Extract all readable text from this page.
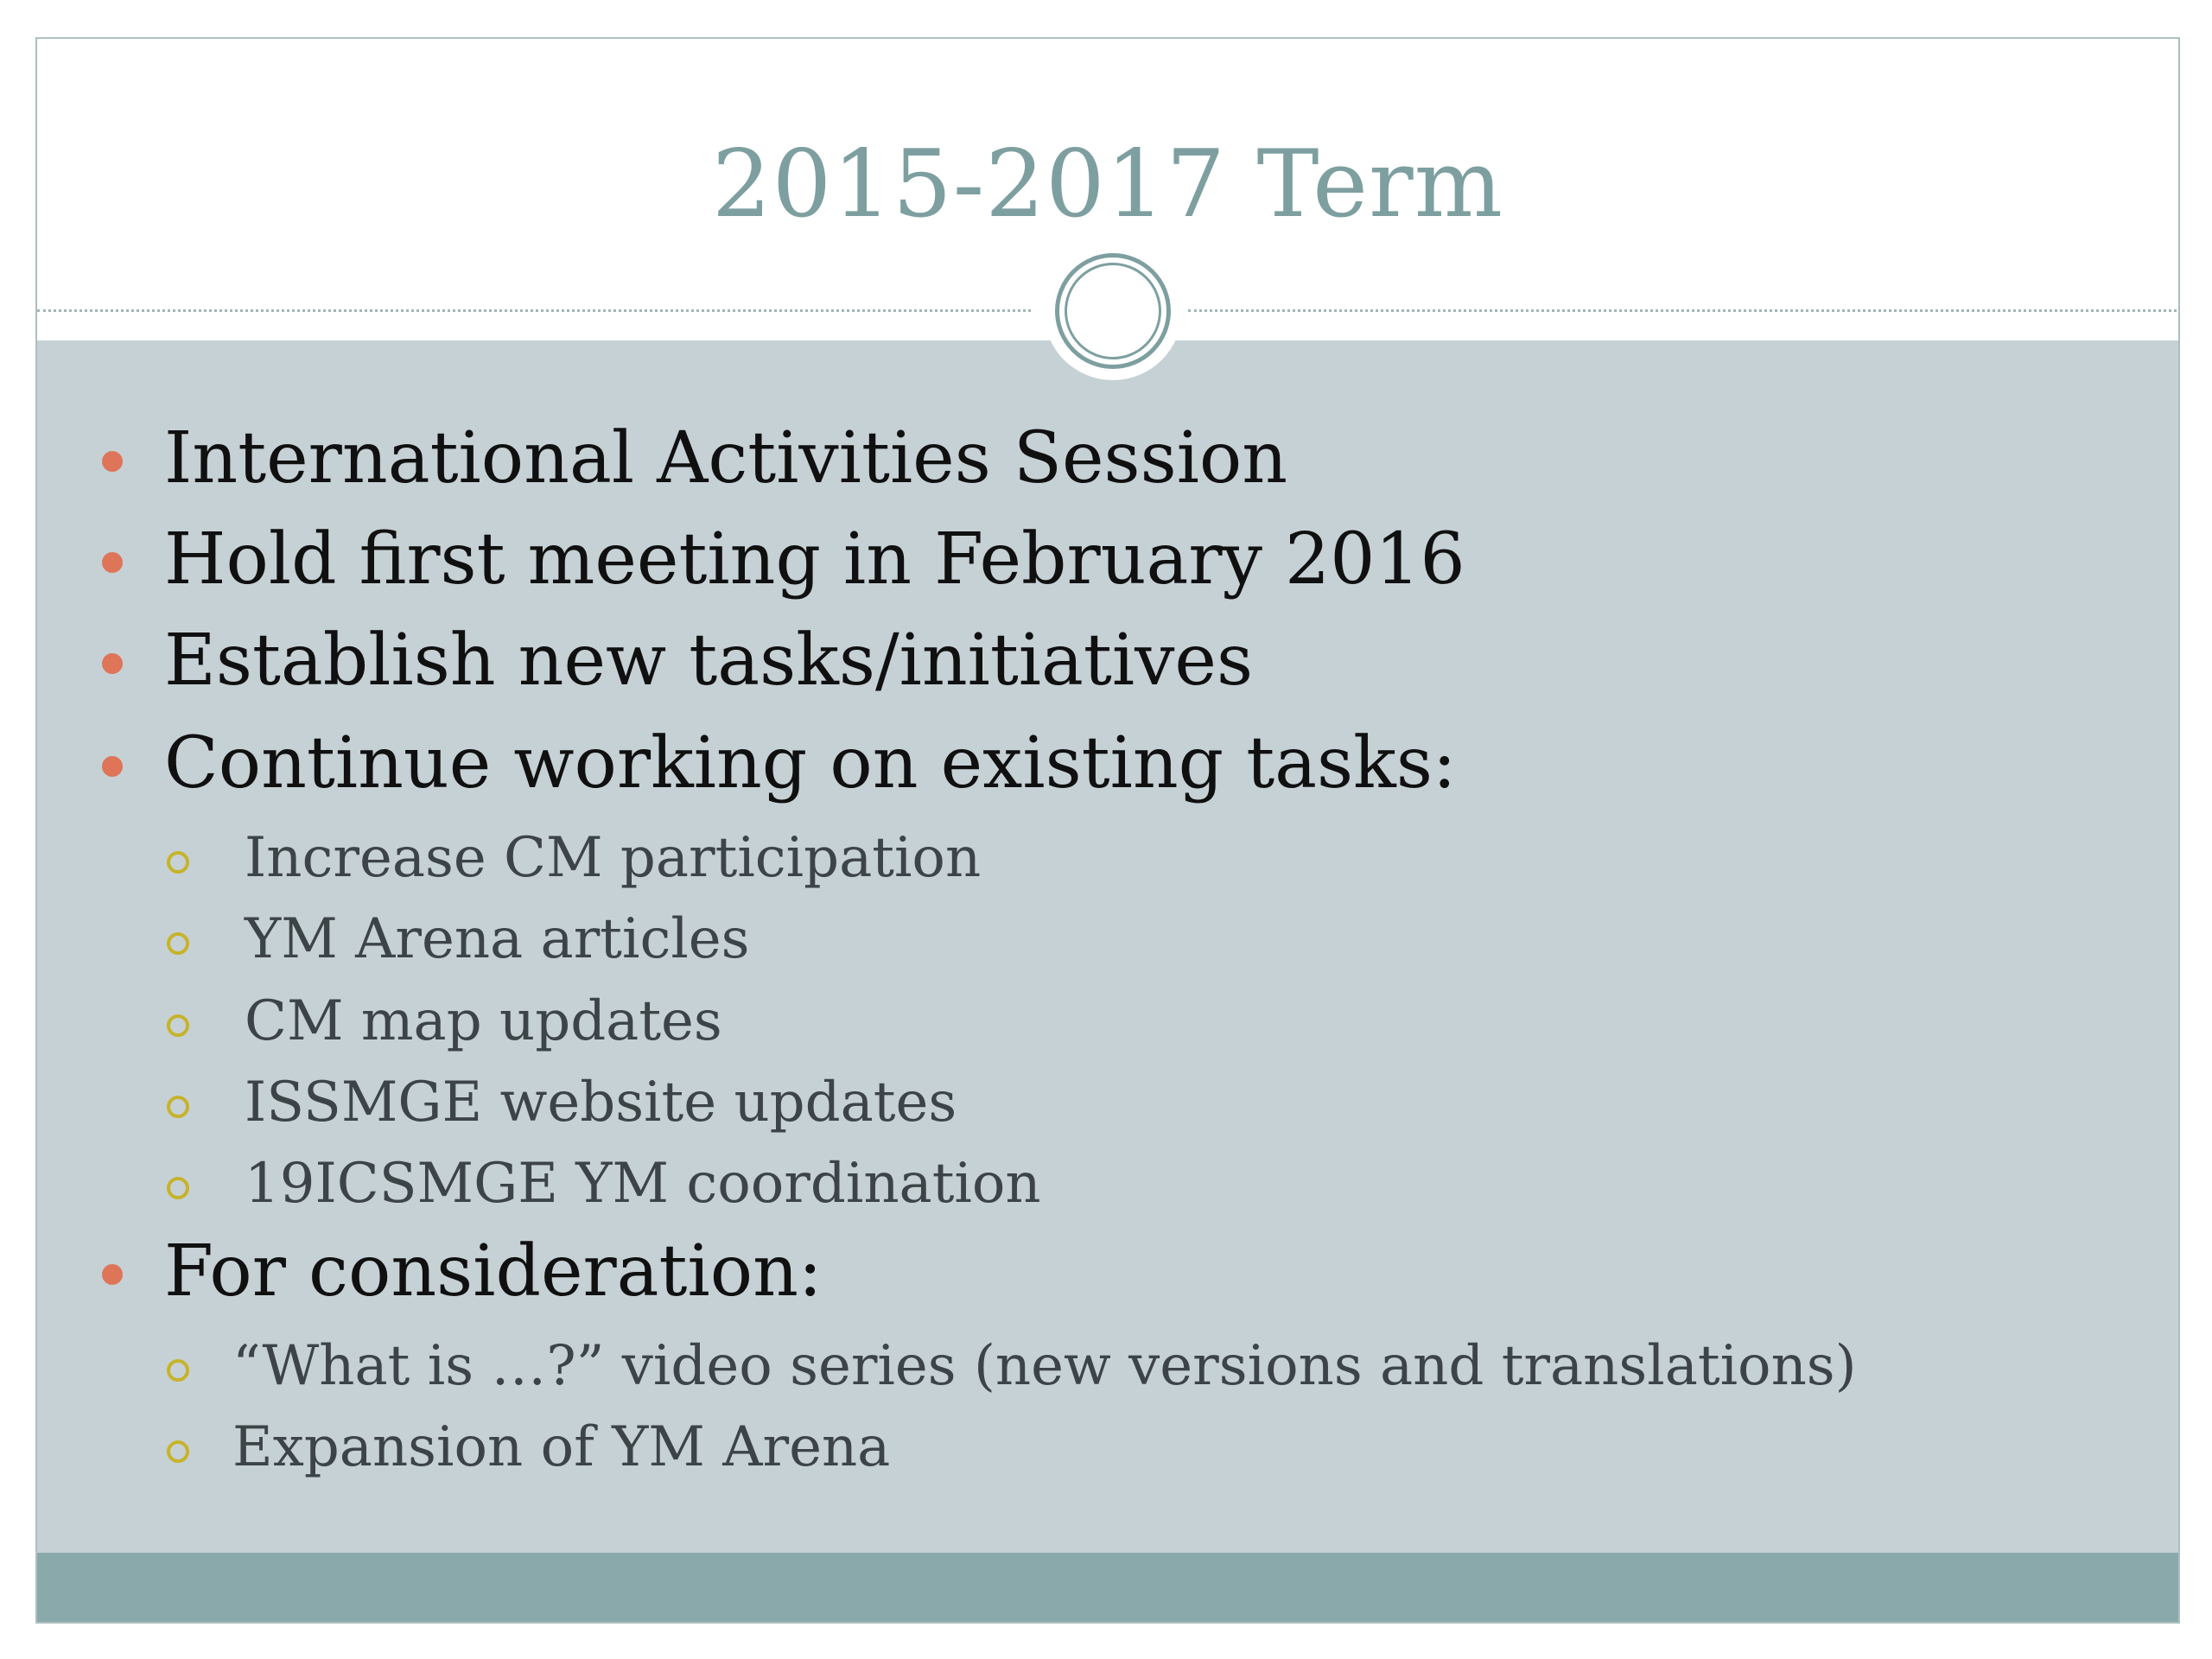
2015-2017 Term
International Activities Session
Hold first meeting in February 2016
Establish new tasks/initiatives
Continue working on existing tasks:
Increase CM participation
YM Arena articles
CM map updates
ISSMGE website updates
19ICSMGE YM coordination
For consideration:
“What is …?” video series (new versions and translations)
Expansion of YM Arena
